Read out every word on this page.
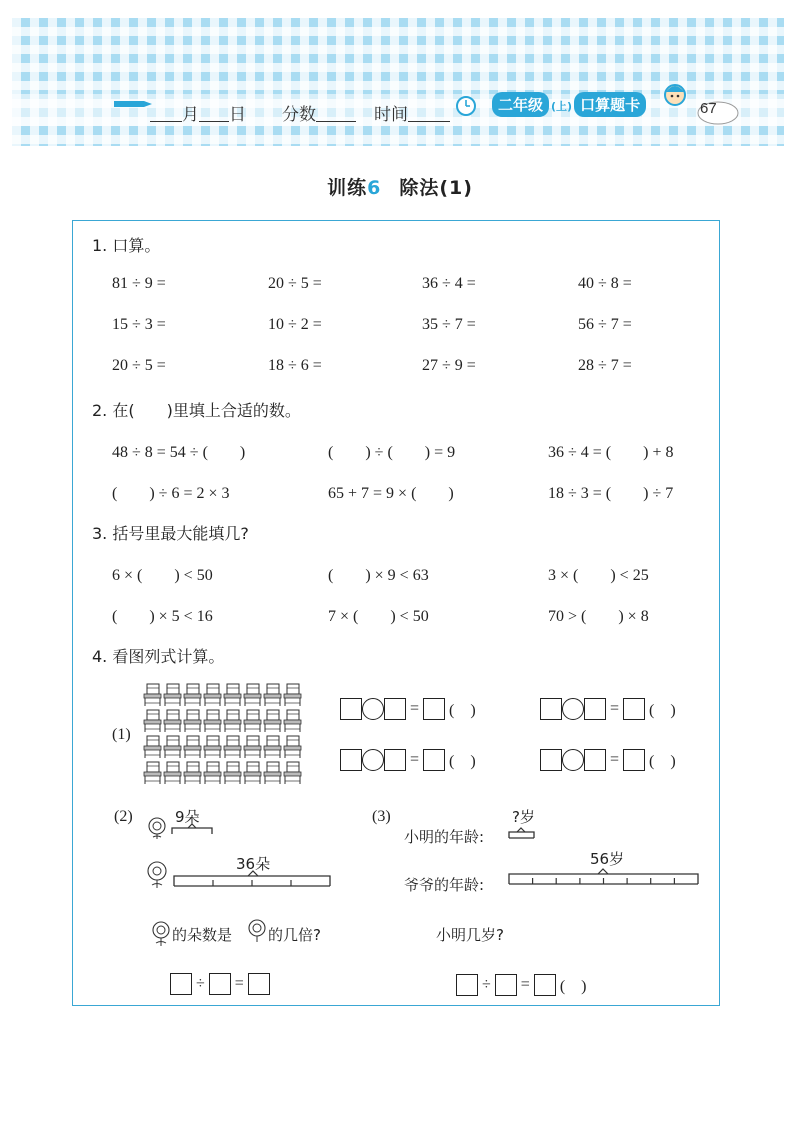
月 日 分数	时间	二年级 (上) 口算题卡	67
训练6 除法(1)
1. 口算。
81 ÷ 9 =	20 ÷ 5 =	36 ÷ 4 =	40 ÷ 8 =
15 ÷ 3 =	10 ÷ 2 =	35 ÷ 7 =	56 ÷ 7 =
20 ÷ 5 =	18 ÷ 6 =	27 ÷ 9 =	28 ÷ 7 =
2. 在(　　)里填上合适的数。
48 ÷ 8 = 54 ÷ (　　)	(　　) ÷ (　　) = 9	36 ÷ 4 = (　　) + 8
(　　) ÷ 6 = 2 × 3	65 + 7 = 9 × (　　)	18 ÷ 3 = (　　) ÷ 7
3. 括号里最大能填几?
6 × (　　) < 50	(　　) × 9 < 63	3 × (　　) < 25
(　　) × 5 < 16	7 × (　　) < 50	70 > (　　) × 8
4. 看图列式计算。
(1)
= (　)	= (　)
= (　)	= (　)
(2)	9朵
36朵
的朵数是 的几倍?
÷ =
(3)
小明的年龄:
?岁
56岁
爷爷的年龄:
小明几岁?
÷ = (　)
